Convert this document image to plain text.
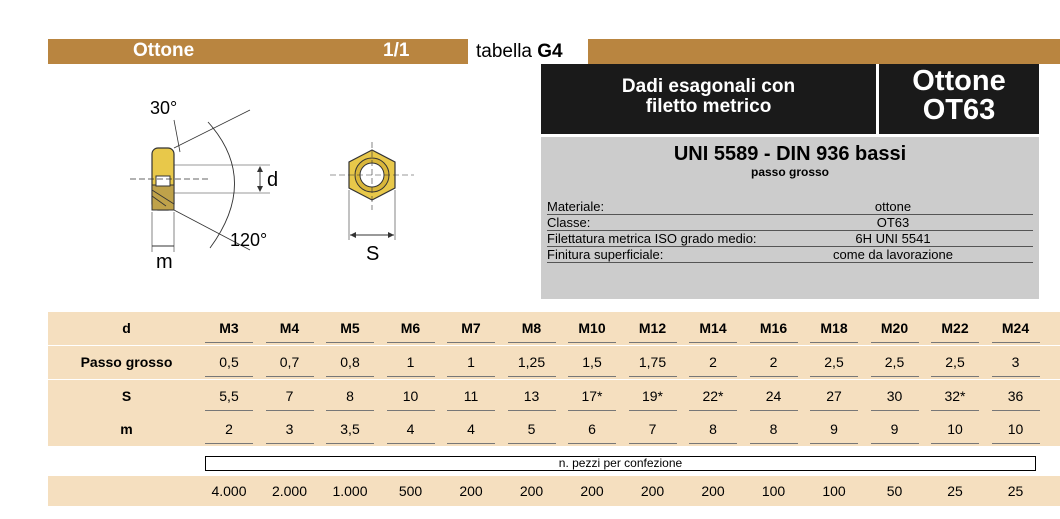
Ottone	1/1	tabella G4
Dadi esagonali con
filetto metrico
Ottone
OT63
UNI 5589 - DIN 936 bassi
passo grosso
Materiale:	ottone
Classe:	OT63
Filettatura metrica ISO grado medio:	6H UNI 5541
Finitura superficiale:	come da lavorazione
30°
120°
d
m	S
d	M3	M4	M5	M6	M7	M8	M10	M12	M14	M16	M18	M20	M22	M24
Passo grosso	0,5	0,7	0,8	1	1	1,25	1,5	1,75	2	2	2,5	2,5	2,5	3
S	5,5	7	8	10	11	13	17*	19*	22*	24	27	30	32*	36
m	2	3	3,5	4	4	5	6	7	8	8	9	9	10	10
n. pezzi per confezione
4.000 2.000 1.000	500	200	200	200	200	200	100	100	50	25	25
